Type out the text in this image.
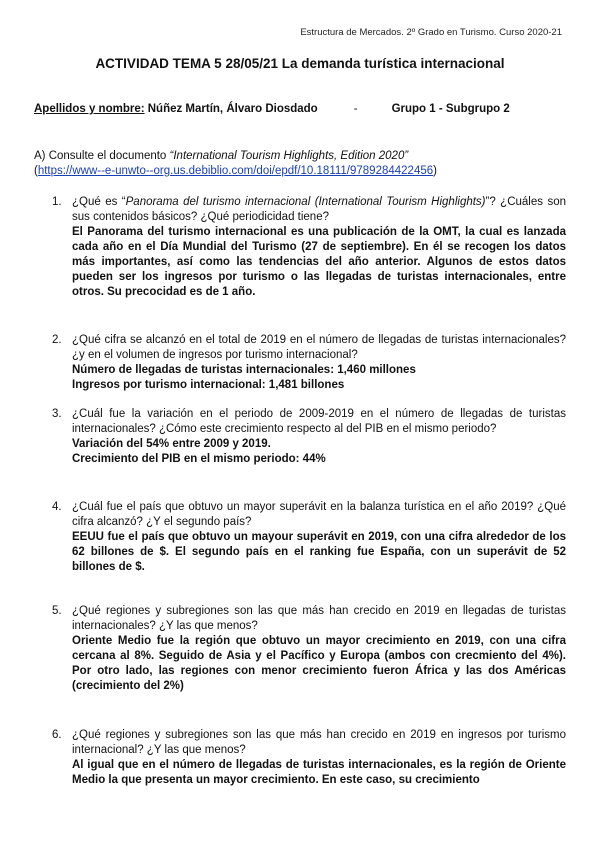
Estructura de Mercados. 2º Grado en Turismo. Curso 2020-21
ACTIVIDAD TEMA 5 28/05/21 La demanda turística internacional
Apellidos y nombre: Núñez Martín, Álvaro Diosdado	-	Grupo 1 - Subgrupo 2
A) Consulte el documento “International Tourism Highlights, Edition 2020”
(https://www--e-unwto--org.us.debiblio.com/doi/epdf/10.18111/9789284422456)
1. ¿Qué es “Panorama del turismo internacional (International Tourism Highlights)”? ¿Cuáles son sus contenidos básicos? ¿Qué periodicidad tiene?
El Panorama del turismo internacional es una publicación de la OMT, la cual es lanzada cada año en el Día Mundial del Turismo (27 de septiembre). En él se recogen los datos más importantes, así como las tendencias del año anterior. Algunos de estos datos pueden ser los ingresos por turismo o las llegadas de turistas internacionales, entre otros. Su precocidad es de 1 año.
2. ¿Qué cifra se alcanzó en el total de 2019 en el número de llegadas de turistas internacionales? ¿y en el volumen de ingresos por turismo internacional?
Número de llegadas de turistas internacionales: 1,460 millones
Ingresos por turismo internacional: 1,481 billones
3. ¿Cuál fue la variación en el periodo de 2009-2019 en el número de llegadas de turistas internacionales? ¿Cómo este crecimiento respecto al del PIB en el mismo periodo?
Variación del 54% entre 2009 y 2019.
Crecimiento del PIB en el mismo periodo: 44%
4. ¿Cuál fue el país que obtuvo un mayor superávit en la balanza turística en el año 2019? ¿Qué cifra alcanzó? ¿Y el segundo país?
EEUU fue el país que obtuvo un mayour superávit en 2019, con una cifra alrededor de los 62 billones de $. El segundo país en el ranking fue España, con un superávit de 52 billones de $.
5. ¿Qué regiones y subregiones son las que más han crecido en 2019 en llegadas de turistas internacionales? ¿Y las que menos?
Oriente Medio fue la región que obtuvo un mayor crecimiento en 2019, con una cifra cercana al 8%. Seguido de Asia y el Pacífico y Europa (ambos con crecmiento del 4%). Por otro lado, las regiones con menor crecimiento fueron África y las dos Américas (crecimiento del 2%)
6. ¿Qué regiones y subregiones son las que más han crecido en 2019 en ingresos por turismo internacional? ¿Y las que menos?
Al igual que en el número de llegadas de turistas internacionales, es la región de Oriente Medio la que presenta un mayor crecimiento. En este caso, su crecimiento
